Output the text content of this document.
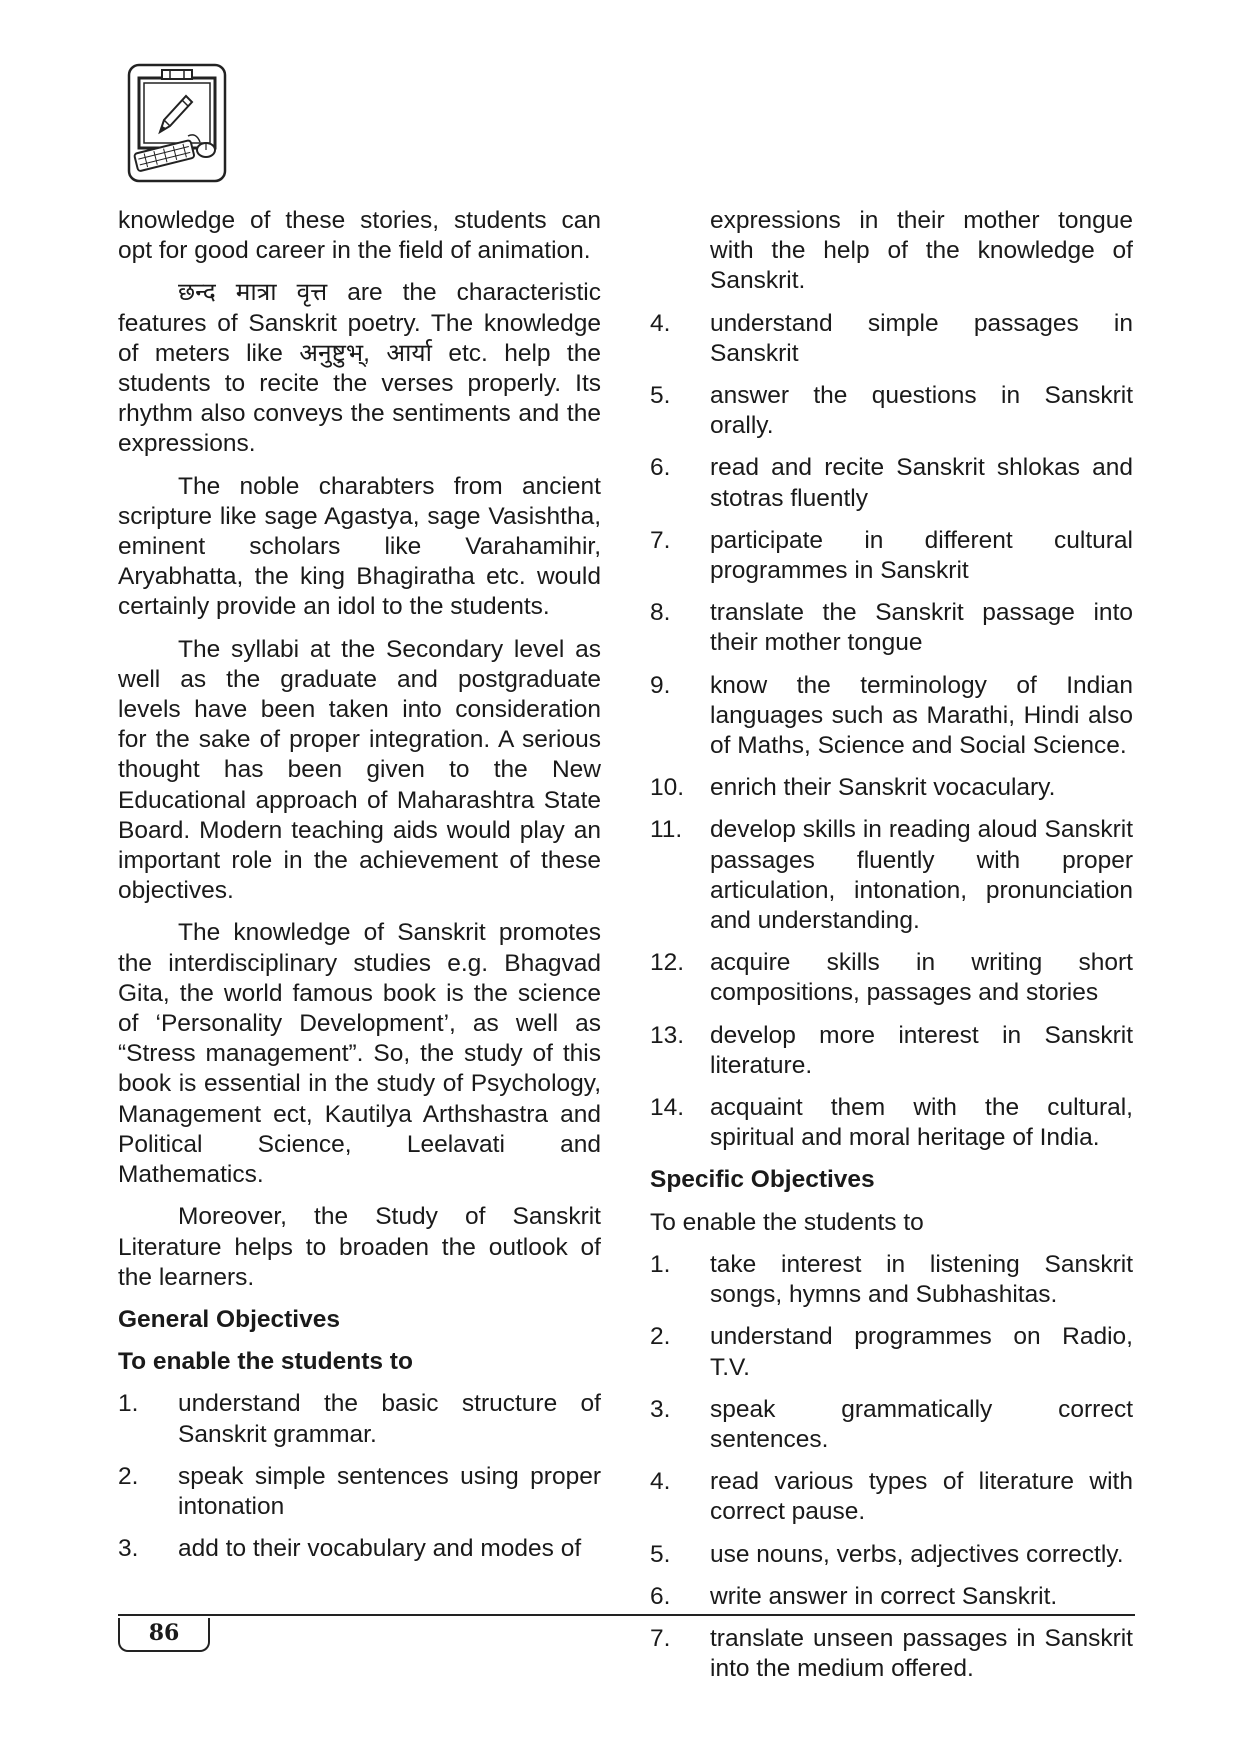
knowledge of these stories, students can opt for good career in the field of animation.

छन्द मात्रा वृत्त are the characteristic features of Sanskrit poetry. The knowledge of meters like अनुष्टुभ्, आर्या etc. help the students to recite the verses properly. Its rhythm also conveys the sentiments and the expressions.

The noble charabters from ancient scripture like sage Agastya, sage Vasishtha, eminent scholars like Varahamihir, Aryabhatta, the king Bhagiratha etc. would certainly provide an idol to the students.

The syllabi at the Secondary level as well as the graduate and postgraduate levels have been taken into consideration for the sake of proper integration. A serious thought has been given to the New Educational approach of Maharashtra State Board. Modern teaching aids would play an important role in the achievement of these objectives.

The knowledge of Sanskrit promotes the interdisciplinary studies e.g. Bhagvad Gita, the world famous book is the science of ‘Personality Development’, as well as “Stress management”. So, the study of this book is essential in the study of Psychology, Management ect, Kautilya Arthshastra and Political Science, Leelavati and Mathematics.

Moreover, the Study of Sanskrit Literature helps to broaden the outlook of the learners.

General Objectives
To enable the students to
1.	understand the basic structure of Sanskrit grammar.
2.	speak simple sentences using proper intonation
3.	add to their vocabulary and modes of

expressions in their mother tongue with the help of the knowledge of Sanskrit.

4.	understand simple passages in Sanskrit
5.	answer the questions in Sanskrit orally.
6.	read and recite Sanskrit shlokas and stotras fluently
7.	participate in different cultural programmes in Sanskrit
8.	translate the Sanskrit passage into their mother tongue
9.	know the terminology of Indian languages such as Marathi, Hindi also of Maths, Science and Social Science.
10.	enrich their Sanskrit vocaculary.
11.	develop skills in reading aloud Sanskrit passages fluently with proper articulation, intonation, pronunciation and understanding.
12.	acquire skills in writing short compositions, passages and stories
13.	develop more interest in Sanskrit literature.
14.	acquaint them with the cultural, spiritual and moral heritage of India.
Specific Objectives
To enable the students to
1.	take interest in listening Sanskrit songs, hymns and Subhashitas.
2.	understand programmes on Radio, T.V.
3.	speak grammatically correct sentences.
4.	read various types of literature with correct pause.
5.	use nouns, verbs, adjectives correctly.
6.	write answer in correct Sanskrit.
7.	translate unseen passages in Sanskrit into the medium offered.
86
